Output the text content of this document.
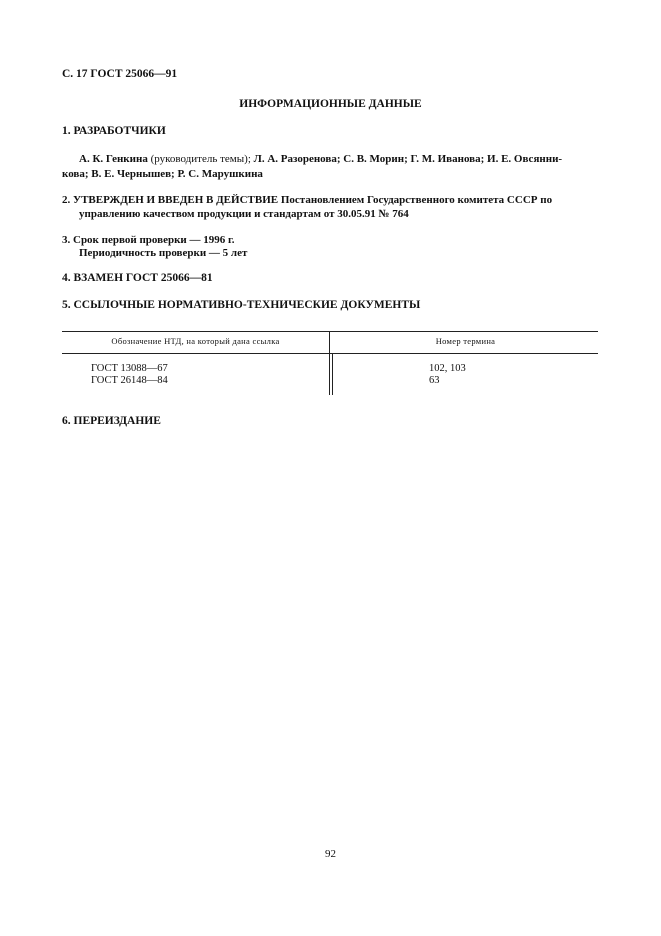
С. 17 ГОСТ 25066—91
ИНФОРМАЦИОННЫЕ ДАННЫЕ
1. РАЗРАБОТЧИКИ
А. К. Генкина (руководитель темы); Л. А. Разоренова; С. В. Морин; Г. М. Иванова; И. Е. Овсянни-
кова; В. Е. Чернышев; Р. С. Марушкина
2. УТВЕРЖДЕН И ВВЕДЕН В ДЕЙСТВИЕ Постановлением Государственного комитета СССР по
управлению качеством продукции и стандартам от 30.05.91 № 764
3. Срок первой проверки — 1996 г.
Периодичность проверки — 5 лет
4. ВЗАМЕН ГОСТ 25066—81
5. ССЫЛОЧНЫЕ НОРМАТИВНО-ТЕХНИЧЕСКИЕ ДОКУМЕНТЫ
Обозначение НТД, на который дана ссылка	Номер термина
ГОСТ 13088—67	102, 103
ГОСТ 26148—84	63
6. ПЕРЕИЗДАНИЕ
92
